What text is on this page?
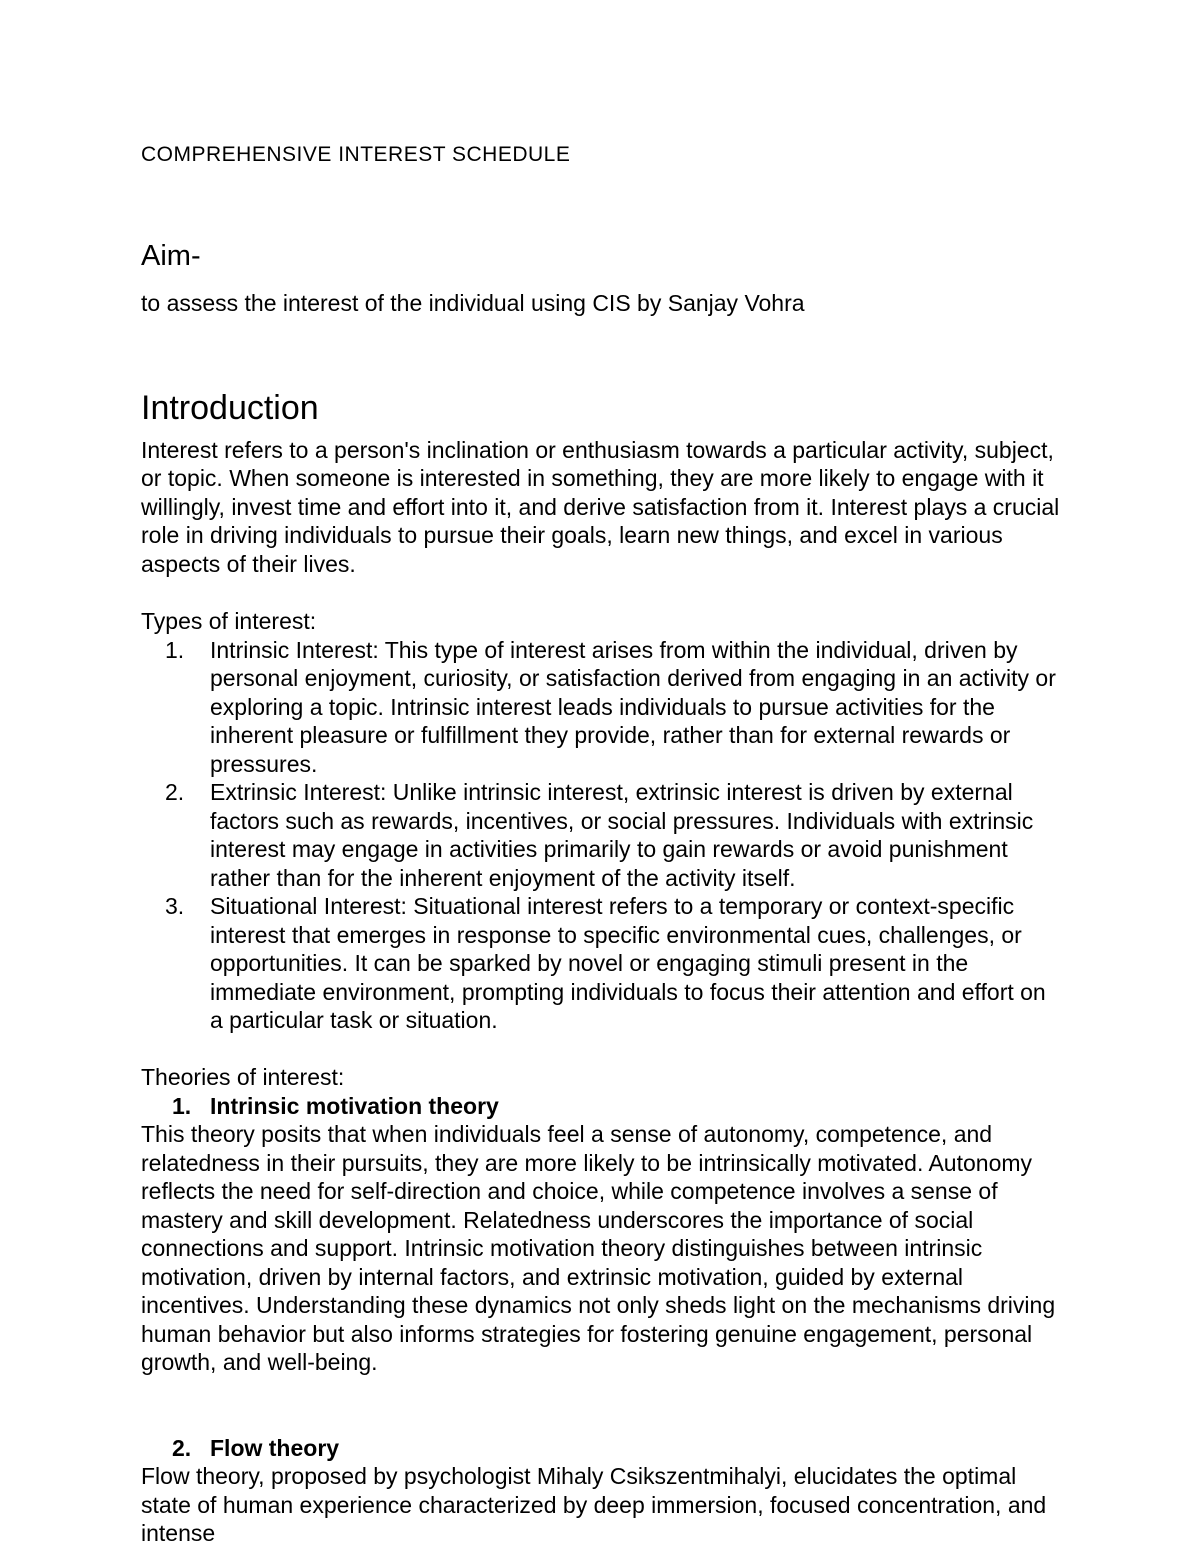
COMPREHENSIVE INTEREST SCHEDULE
Aim-

to assess the interest of the individual using CIS by Sanjay Vohra

Introduction

Interest refers to a person's inclination or enthusiasm towards a particular activity, subject, or topic. When someone is interested in something, they are more likely to engage with it willingly, invest time and effort into it, and derive satisfaction from it. Interest plays a crucial role in driving individuals to pursue their goals, learn new things, and excel in various aspects of their lives.

Types of interest:

1.	Intrinsic Interest: This type of interest arises from within the individual, driven by personal enjoyment, curiosity, or satisfaction derived from engaging in an activity or exploring a topic. Intrinsic interest leads individuals to pursue activities for the inherent pleasure or fulfillment they provide, rather than for external rewards or pressures.
2.	Extrinsic Interest: Unlike intrinsic interest, extrinsic interest is driven by external factors such as rewards, incentives, or social pressures. Individuals with extrinsic interest may engage in activities primarily to gain rewards or avoid punishment rather than for the inherent enjoyment of the activity itself.
3.	Situational Interest: Situational interest refers to a temporary or context-specific interest that emerges in response to specific environmental cues, challenges, or opportunities. It can be sparked by novel or engaging stimuli present in the immediate environment, prompting individuals to focus their attention and effort on a particular task or situation.

Theories of interest:

1. Intrinsic motivation theory

This theory posits that when individuals feel a sense of autonomy, competence, and relatedness in their pursuits, they are more likely to be intrinsically motivated. Autonomy reflects the need for self-direction and choice, while competence involves a sense of mastery and skill development. Relatedness underscores the importance of social connections and support. Intrinsic motivation theory distinguishes between intrinsic motivation, driven by internal factors, and extrinsic motivation, guided by external incentives. Understanding these dynamics not only sheds light on the mechanisms driving human behavior but also informs strategies for fostering genuine engagement, personal growth, and well-being.

2. Flow theory

Flow theory, proposed by psychologist Mihaly Csikszentmihalyi, elucidates the optimal state of human experience characterized by deep immersion, focused concentration, and intense
